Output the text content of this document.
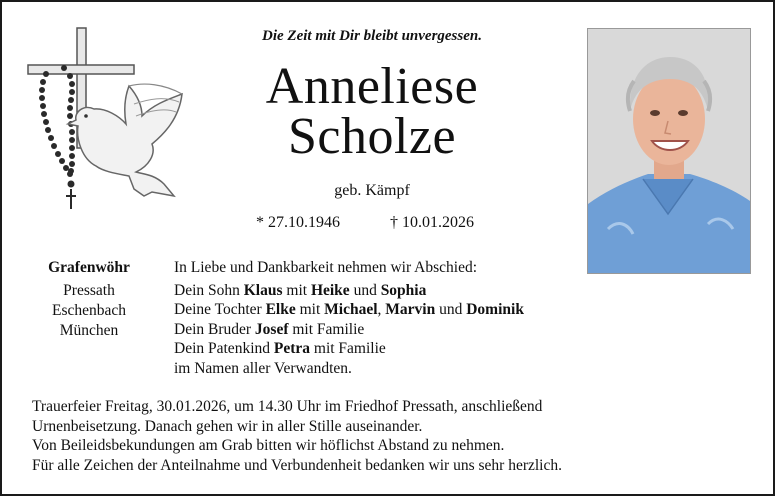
Die Zeit mit Dir bleibt unvergessen.
Anneliese
Scholze
geb. Kämpf
* 27.10.1946	† 10.01.2026
Grafenwöhr
Pressath
Eschenbach
München
In Liebe und Dankbarkeit nehmen wir Abschied:
Dein Sohn Klaus mit Heike und Sophia
Deine Tochter Elke mit Michael, Marvin und Dominik
Dein Bruder Josef mit Familie
Dein Patenkind Petra mit Familie
im Namen aller Verwandten.
Trauerfeier Freitag, 30.01.2026, um 14.30 Uhr im Friedhof Pressath, anschließend
Urnenbeisetzung. Danach gehen wir in aller Stille auseinander.
Von Beileidsbekundungen am Grab bitten wir höflichst Abstand zu nehmen.
Für alle Zeichen der Anteilnahme und Verbundenheit bedanken wir uns sehr herzlich.
